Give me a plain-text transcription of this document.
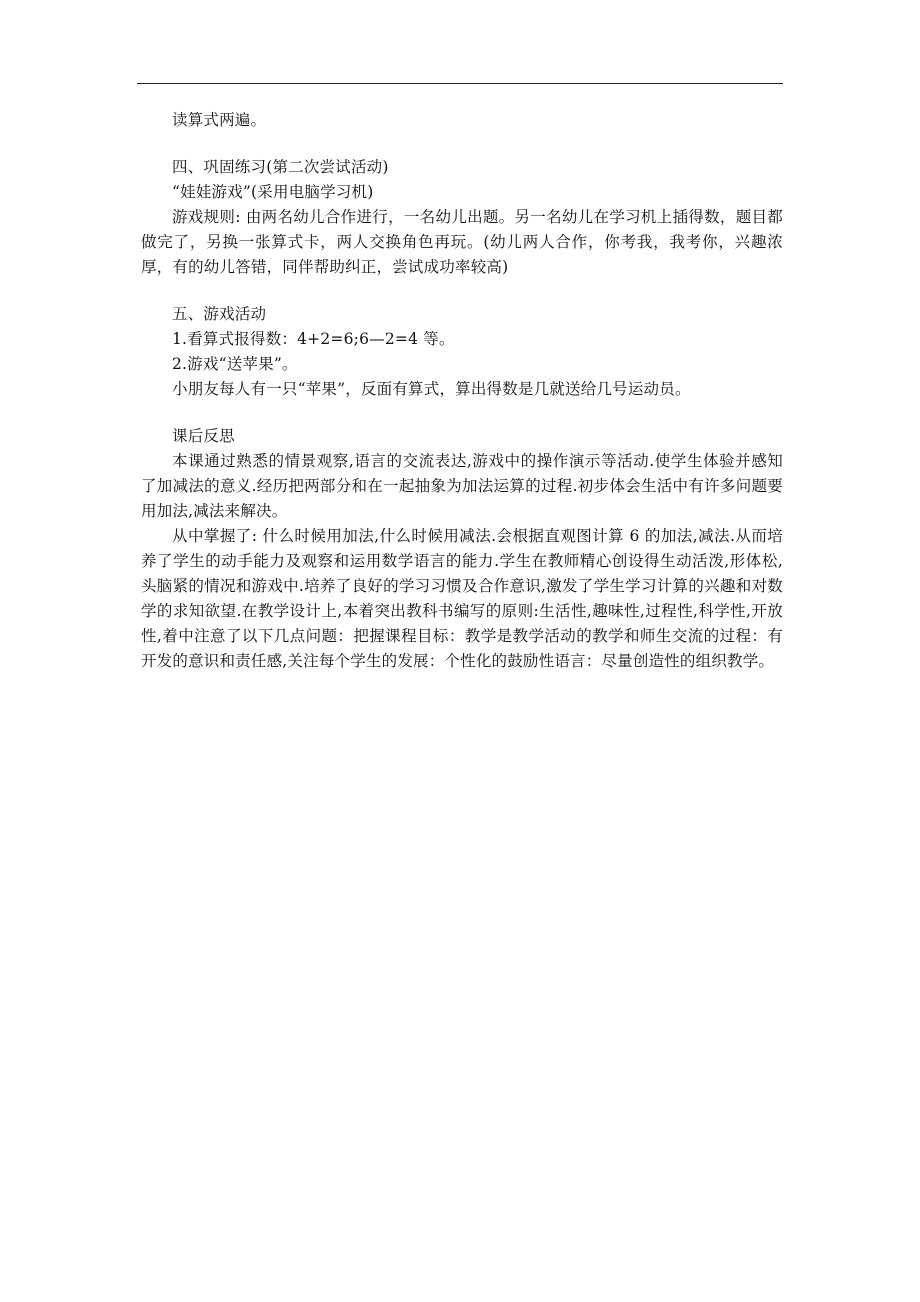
读算式两遍。

四、巩固练习(第二次尝试活动)

“娃娃游戏”(采用电脑学习机)

游戏规则: 由两名幼儿合作进行，一名幼儿出题。另一名幼儿在学习机上插得数，题目都做完了，另换一张算式卡，两人交换角色再玩。(幼儿两人合作，你考我，我考你，兴趣浓厚，有的幼儿答错，同伴帮助纠正，尝试成功率较高)

五、游戏活动

1.看算式报得数：4+2=6;6—2=4 等。

2.游戏“送苹果”。

小朋友每人有一只“苹果”，反面有算式，算出得数是几就送给几号运动员。

课后反思

本课通过熟悉的情景观察,语言的交流表达,游戏中的操作演示等活动.使学生体验并感知了加减法的意义.经历把两部分和在一起抽象为加法运算的过程.初步体会生活中有许多问题要用加法,减法来解决。

从中掌握了: 什么时候用加法,什么时候用减法.会根据直观图计算 6 的加法,减法.从而培养了学生的动手能力及观察和运用数学语言的能力.学生在教师精心创设得生动活泼,形体松,头脑紧的情况和游戏中.培养了良好的学习习惯及合作意识,激发了学生学习计算的兴趣和对数学的求知欲望.在教学设计上,本着突出教科书编写的原则:生活性,趣味性,过程性,科学性,开放性,着中注意了以下几点问题：把握课程目标：教学是教学活动的教学和师生交流的过程：有开发的意识和责任感,关注每个学生的发展：个性化的鼓励性语言：尽量创造性的组织教学。
